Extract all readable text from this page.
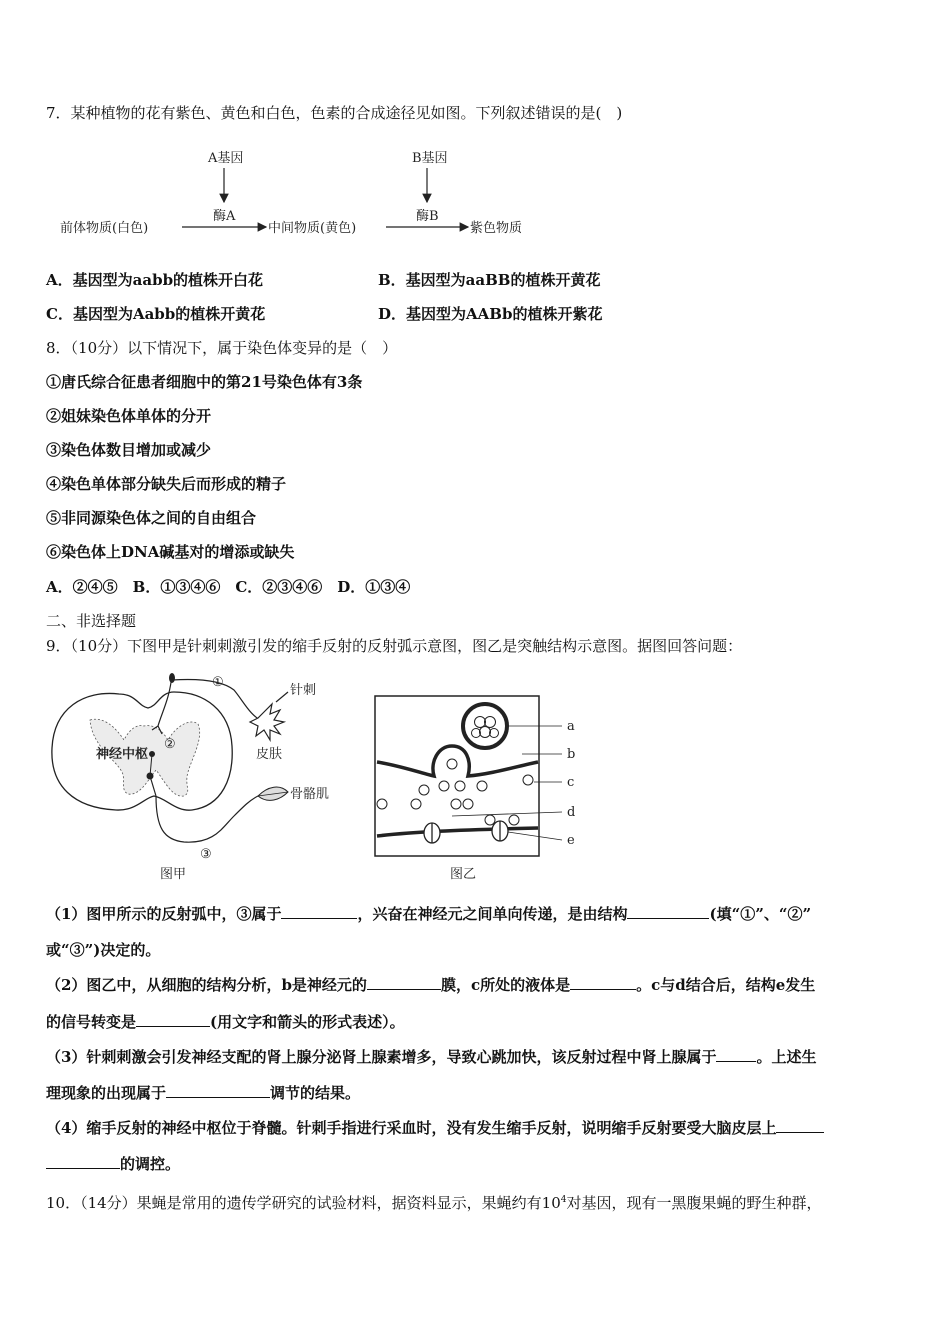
7．某种植物的花有紫色、黄色和白色，色素的合成途径见如图。下列叙述错误的是(　)
A基因
酶A
B基因
酶B
前体物质(白色)	中间物质(黄色)	紫色物质
A．基因型为aabb的植株开白花	B．基因型为aaBB的植株开黄花
C．基因型为Aabb的植株开黄花	D．基因型为AABb的植株开紫花
8．（10分）以下情况下，属于染色体变异的是（　）
①唐氏综合征患者细胞中的第21号染色体有3条
②姐妹染色体单体的分开
③染色体数目增加或减少
④染色单体部分缺失后而形成的精子
⑤非同源染色体之间的自由组合
⑥染色体上DNA碱基对的增添或缺失
A．②④⑤　B．①③④⑥　C．②③④⑥　D．①③④
二、非选择题
9．（10分）下图甲是针刺刺激引发的缩手反射的反射弧示意图，图乙是突触结构示意图。据图回答问题：
神经中枢
①
②
针刺
皮肤
③
骨骼肌
图甲
a
b
c
d
e
图乙
（1）图甲所示的反射弧中，③属于	，兴奋在神经元之间单向传递，是由结构	(填“①”、“②”
或“③”)决定的。
（2）图乙中，从细胞的结构分析，b是神经元的	膜，c所处的液体是	。c与d结合后，结构e发生
的信号转变是	(用文字和箭头的形式表述）。
（3）针刺刺激会引发神经支配的肾上腺分泌肾上腺素增多，导致心跳加快，该反射过程中肾上腺属于	。上述生
理现象的出现属于	调节的结果。
（4）缩手反射的神经中枢位于脊髓。针刺手指进行采血时，没有发生缩手反射，说明缩手反射要受大脑皮层上
的调控。
10．（14分）果蝇是常用的遗传学研究的试验材料，据资料显示，果蝇约有$10^4$对基因，现有一黑腹果蝇的野生种群，
